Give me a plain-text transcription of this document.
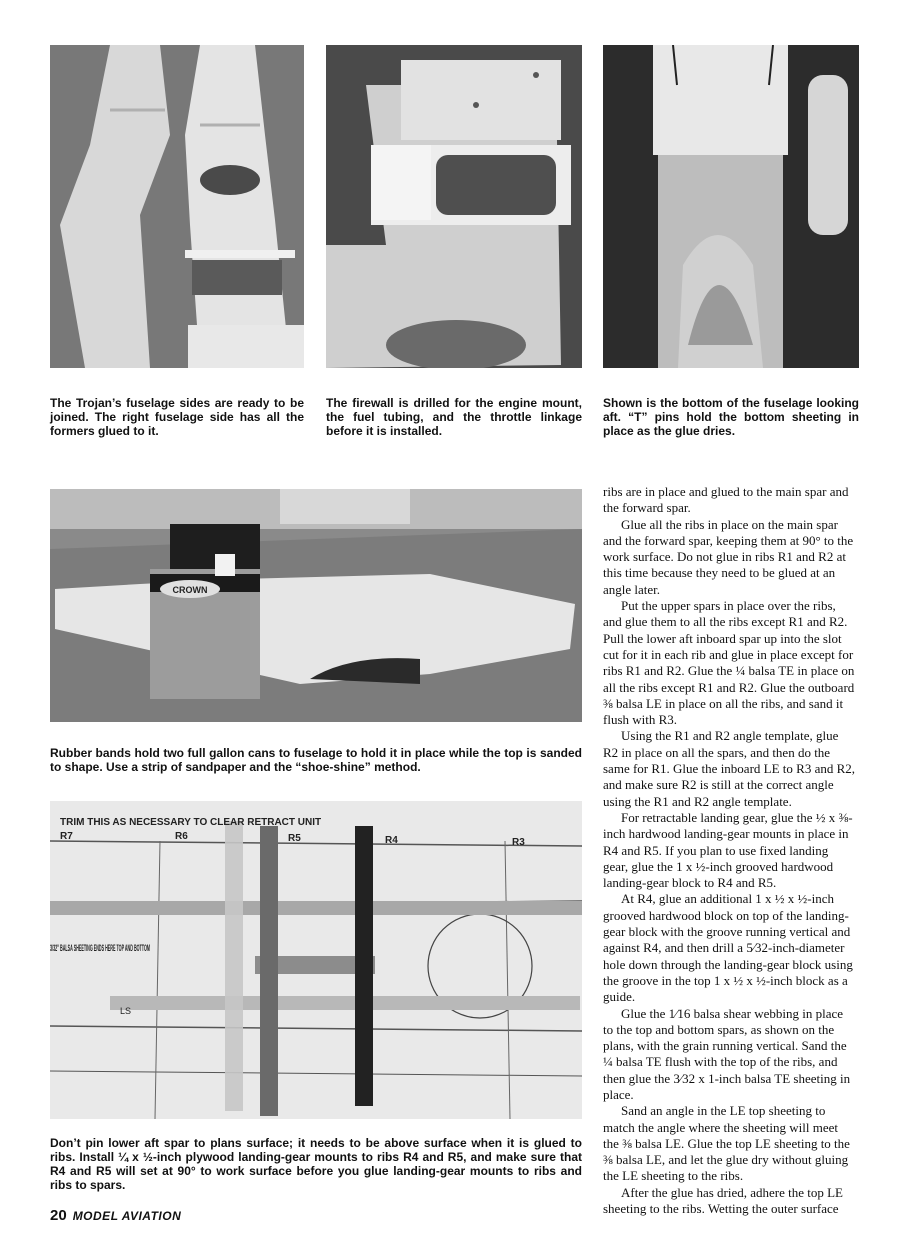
The Trojan’s fuselage sides are ready to be joined. The right fuselage side has all the formers glued to it.

The firewall is drilled for the engine mount, the fuel tubing, and the throttle linkage before it is installed.

Shown is the bottom of the fuselage looking aft. “T” pins hold the bottom sheeting in place as the glue dries.

CROWN

Rubber bands hold two full gallon cans to fuselage to hold it in place while the top is sanded to shape. Use a strip of sandpaper and the “shoe-shine” method.

TRIM THIS AS NECESSARY TO CLEAR RETRACT UNIT
R7	R6	R5	R4	R3
3/32" BALSA SHEETING ENDS HERE TOP AND BOTTOM
LS

Don’t pin lower aft spar to plans surface; it needs to be above surface when it is glued to ribs. Install ¼ x ½-inch plywood landing-gear mounts to ribs R4 and R5, and make sure that R4 and R5 will set at 90° to work surface before you glue landing-gear mounts to ribs and ribs to spars.

ribs are in place and glued to the main spar and the forward spar.

Glue all the ribs in place on the main spar and the forward spar, keeping them at 90° to the work surface. Do not glue in ribs R1 and R2 at this time because they need to be glued at an angle later.

Put the upper spars in place over the ribs, and glue them to all the ribs except R1 and R2. Pull the lower aft inboard spar up into the slot cut for it in each rib and glue in place except for ribs R1 and R2. Glue the ¼ balsa TE in place on all the ribs except R1 and R2. Glue the outboard ⅜ balsa LE in place on all the ribs, and sand it flush with R3.

Using the R1 and R2 angle template, glue R2 in place on all the spars, and then do the same for R1. Glue the inboard LE to R3 and R2, and make sure R2 is still at the correct angle using the R1 and R2 angle template.

For retractable landing gear, glue the ½ x ⅜-inch hardwood landing-gear mounts in place in R4 and R5. If you plan to use fixed landing gear, glue the 1 x ½-inch grooved hardwood landing-gear block to R4 and R5.

At R4, glue an additional 1 x ½ x ½-inch grooved hardwood block on top of the landing-gear block with the groove running vertical and against R4, and then drill a 5⁄32-inch-diameter hole down through the landing-gear block using the groove in the top 1 x ½ x ½-inch block as a guide.

Glue the 1⁄16 balsa shear webbing in place to the top and bottom spars, as shown on the plans, with the grain running vertical. Sand the ¼ balsa TE flush with the top of the ribs, and then glue the 3⁄32 x 1-inch balsa TE sheeting in place.

Sand an angle in the LE top sheeting to match the angle where the sheeting will meet the ⅜ balsa LE. Glue the top LE sheeting to the ⅜ balsa LE, and let the glue dry without gluing the LE sheeting to the ribs.

After the glue has dried, adhere the top LE sheeting to the ribs. Wetting the outer surface

20 MODEL AVIATION
